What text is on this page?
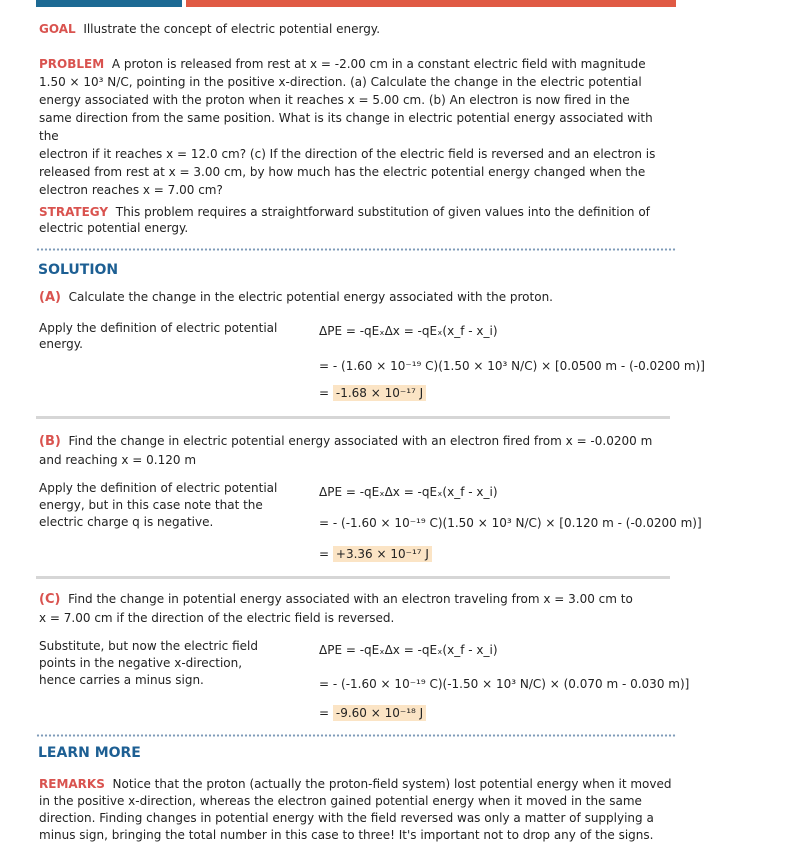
GOAL Illustrate the concept of electric potential energy.
PROBLEM A proton is released from rest at x = -2.00 cm in a constant electric field with magnitude
1.50 × 10³ N/C, pointing in the positive x-direction. (a) Calculate the change in the electric potential
energy associated with the proton when it reaches x = 5.00 cm. (b) An electron is now fired in the
same direction from the same position. What is its change in electric potential energy associated with the
electron if it reaches x = 12.0 cm? (c) If the direction of the electric field is reversed and an electron is
released from rest at x = 3.00 cm, by how much has the electric potential energy changed when the
electron reaches x = 7.00 cm?
STRATEGY This problem requires a straightforward substitution of given values into the definition of
electric potential energy.
SOLUTION
(A) Calculate the change in the electric potential energy associated with the proton.
Apply the definition of electric potential
energy.
ΔPE = -qEₓΔx = -qEₓ(x_f - x_i)
= - (1.60 × 10⁻¹⁹ C)(1.50 × 10³ N/C) × [0.0500 m - (-0.0200 m)]
= -1.68 × 10⁻¹⁷ J
(B) Find the change in electric potential energy associated with an electron fired from x = -0.0200 m
and reaching x = 0.120 m
Apply the definition of electric potential
energy, but in this case note that the
electric charge q is negative.
ΔPE = -qEₓΔx = -qEₓ(x_f - x_i)
= - (-1.60 × 10⁻¹⁹ C)(1.50 × 10³ N/C) × [0.120 m - (-0.0200 m)]
= +3.36 × 10⁻¹⁷ J
(C) Find the change in potential energy associated with an electron traveling from x = 3.00 cm to
x = 7.00 cm if the direction of the electric field is reversed.
Substitute, but now the electric field
points in the negative x-direction,
hence carries a minus sign.
ΔPE = -qEₓΔx = -qEₓ(x_f - x_i)
= - (-1.60 × 10⁻¹⁹ C)(-1.50 × 10³ N/C) × (0.070 m - 0.030 m)]
= -9.60 × 10⁻¹⁸ J
LEARN MORE
REMARKS Notice that the proton (actually the proton-field system) lost potential energy when it moved
in the positive x-direction, whereas the electron gained potential energy when it moved in the same
direction. Finding changes in potential energy with the field reversed was only a matter of supplying a
minus sign, bringing the total number in this case to three! It's important not to drop any of the signs.
